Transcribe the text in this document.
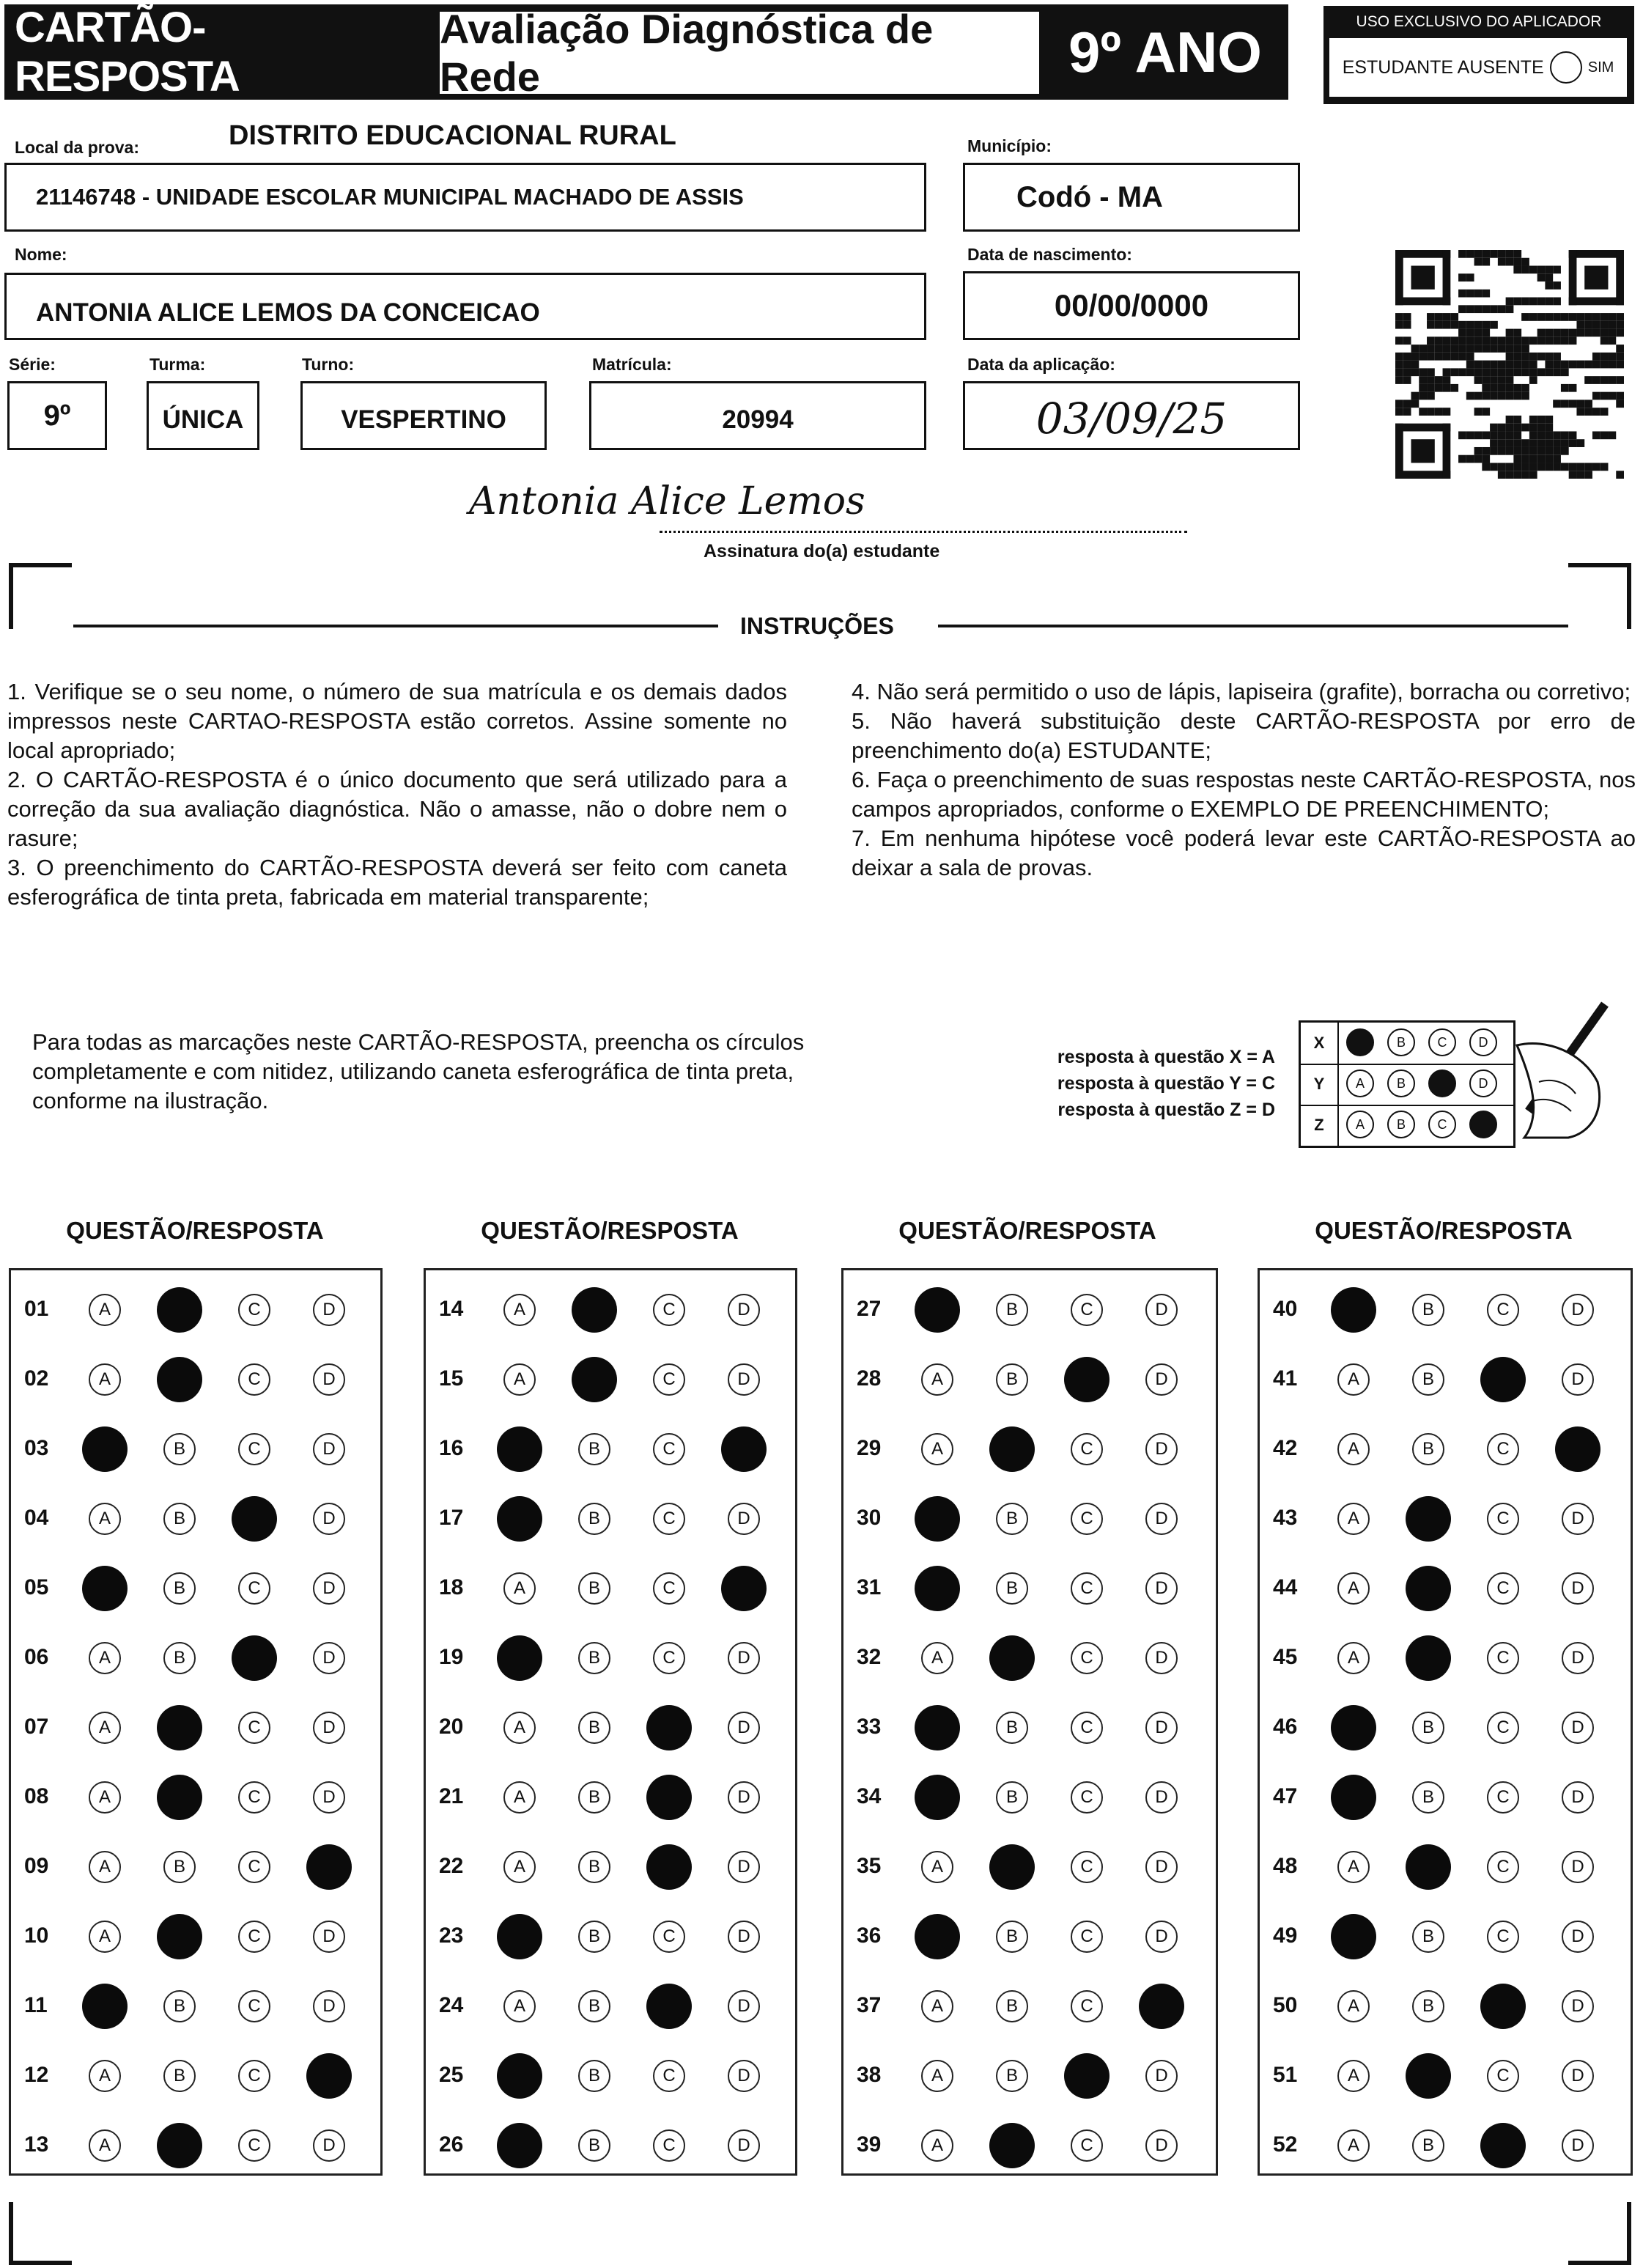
CARTÃO-RESPOSTA
Avaliação Diagnóstica de Rede	9º ANO	USO EXCLUSIVO DO APLICADOR
ESTUDANTE AUSENTE	SIM
Local da prova:	DISTRITO EDUCACIONAL RURAL
21146748 - UNIDADE ESCOLAR MUNICIPAL MACHADO DE ASSIS
Município:
Codó - MA
Nome:
ANTONIA ALICE LEMOS DA CONCEICAO
Data de nascimento:
00/00/0000
Série:
9º
Turma:
ÚNICA
Turno:
VESPERTINO
Matrícula:
20994
Data da aplicação:
03/09/25
Antonia Alice Lemos
Assinatura do(a) estudante
INSTRUÇÕES

1. Verifique se o seu nome, o número de sua matrícula e os demais dados impressos neste CARTAO-RESPOSTA estão corretos. Assine somente no local apropriado;

2. O CARTÃO-RESPOSTA é o único documento que será utilizado para a correção da sua avaliação diagnóstica. Não o amasse, não o dobre nem o rasure;

3. O preenchimento do CARTÃO-RESPOSTA deverá ser feito com caneta esferográfica de tinta preta, fabricada em material transparente;

4. Não será permitido o uso de lápis, lapiseira (grafite), borracha ou corretivo;

5. Não haverá substituição deste CARTÃO-RESPOSTA por erro de preenchimento do(a) ESTUDANTE;

6. Faça o preenchimento de suas respostas neste CARTÃO-RESPOSTA, nos campos apropriados, conforme o EXEMPLO DE PREENCHIMENTO;

7. Em nenhuma hipótese você poderá levar este CARTÃO-RESPOSTA ao deixar a sala de provas.

Para todas as marcações neste CARTÃO-RESPOSTA, preencha os círculos completamente e com nitidez, utilizando caneta esferográfica de tinta preta, conforme na ilustração.
resposta à questão X = A
resposta à questão Y = C
resposta à questão Z = D
X	B	C	D
Y	A	B	D
Z	A	B	C
QUESTÃO/RESPOSTA
01	A	C	D
02	A	C	D
03	B	C	D
04	A	B	D
05	B	C	D
06	A	B	D
07	A	C	D
08	A	C	D
09	A	B	C
10	A	C	D
11	B	C	D
12	A	B	C
13	A	C	D
QUESTÃO/RESPOSTA
14	A	C	D
15	A	C	D
16	B	C
17	B	C	D
18	A	B	C
19	B	C	D
20	A	B	D
21	A	B	D
22	A	B	D
23	B	C	D
24	A	B	D
25	B	C	D
26	B	C	D
QUESTÃO/RESPOSTA
27	B	C	D
28	A	B	D
29	A	C	D
30	B	C	D
31	B	C	D
32	A	C	D
33	B	C	D
34	B	C	D
35	A	C	D
36	B	C	D
37	A	B	C
38	A	B	D
39	A	C	D
QUESTÃO/RESPOSTA
40	B	C	D
41	A	B	D
42	A	B	C
43	A	C	D
44	A	C	D
45	A	C	D
46	B	C	D
47	B	C	D
48	A	C	D
49	B	C	D
50	A	B	D
51	A	C	D
52	A	B	D
